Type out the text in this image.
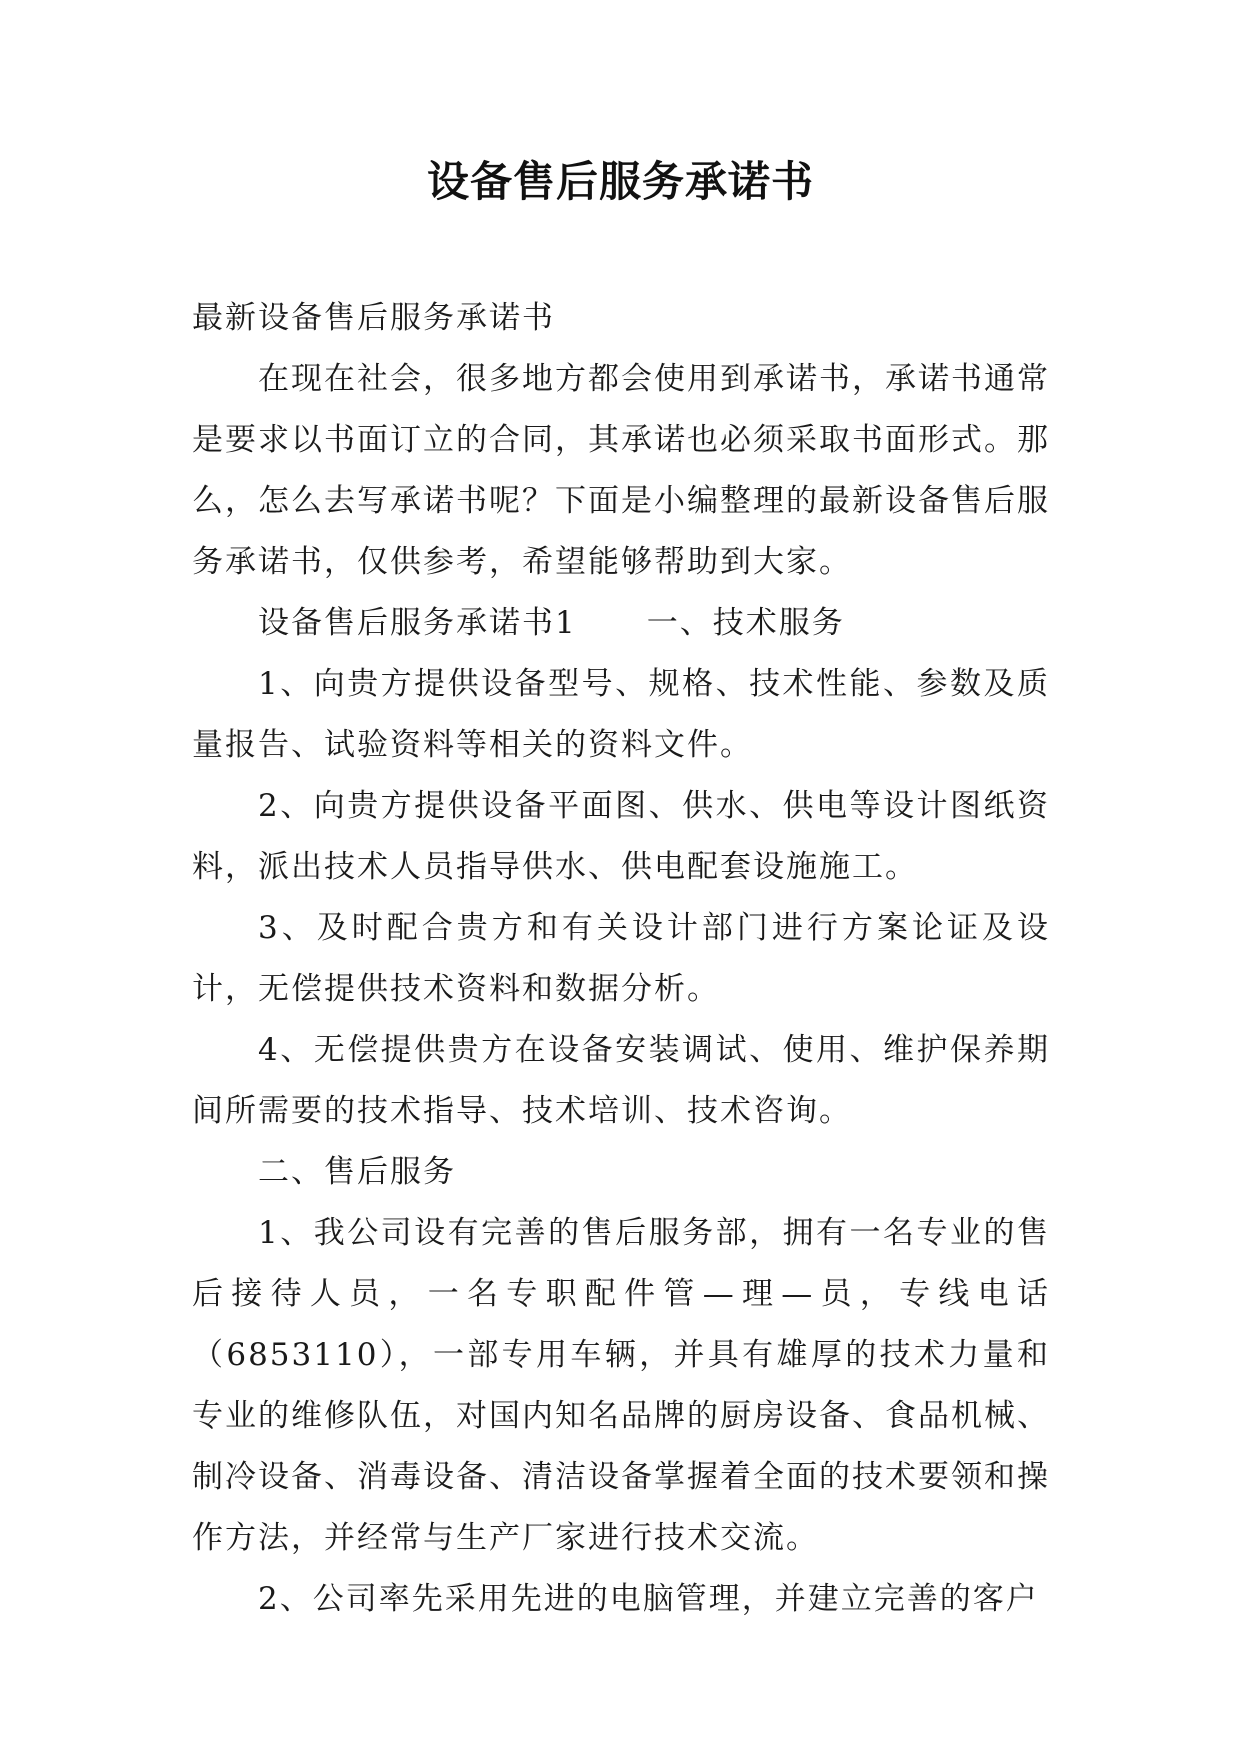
设备售后服务承诺书

最新设备售后服务承诺书

在现在社会，很多地方都会使用到承诺书，承诺书通常是要求以书面订立的合同，其承诺也必须采取书面形式。那么，怎么去写承诺书呢？下面是小编整理的最新设备售后服务承诺书，仅供参考，希望能够帮助到大家。

设备售后服务承诺书1 一、技术服务

1、向贵方提供设备型号、规格、技术性能、参数及质量报告、试验资料等相关的资料文件。

2、向贵方提供设备平面图、供水、供电等设计图纸资料，派出技术人员指导供水、供电配套设施施工。

3、及时配合贵方和有关设计部门进行方案论证及设计，无偿提供技术资料和数据分析。

4、无偿提供贵方在设备安装调试、使用、维护保养期间所需要的技术指导、技术培训、技术咨询。

二、售后服务

1、我公司设有完善的售后服务部，拥有一名专业的售后接待人员，一名专职配件管—理—员，专线电话（6853110），一部专用车辆，并具有雄厚的技术力量和专业的维修队伍，对国内知名品牌的厨房设备、食品机械、制冷设备、消毒设备、清洁设备掌握着全面的技术要领和操作方法，并经常与生产厂家进行技术交流。

2、公司率先采用先进的电脑管理，并建立完善的客户
